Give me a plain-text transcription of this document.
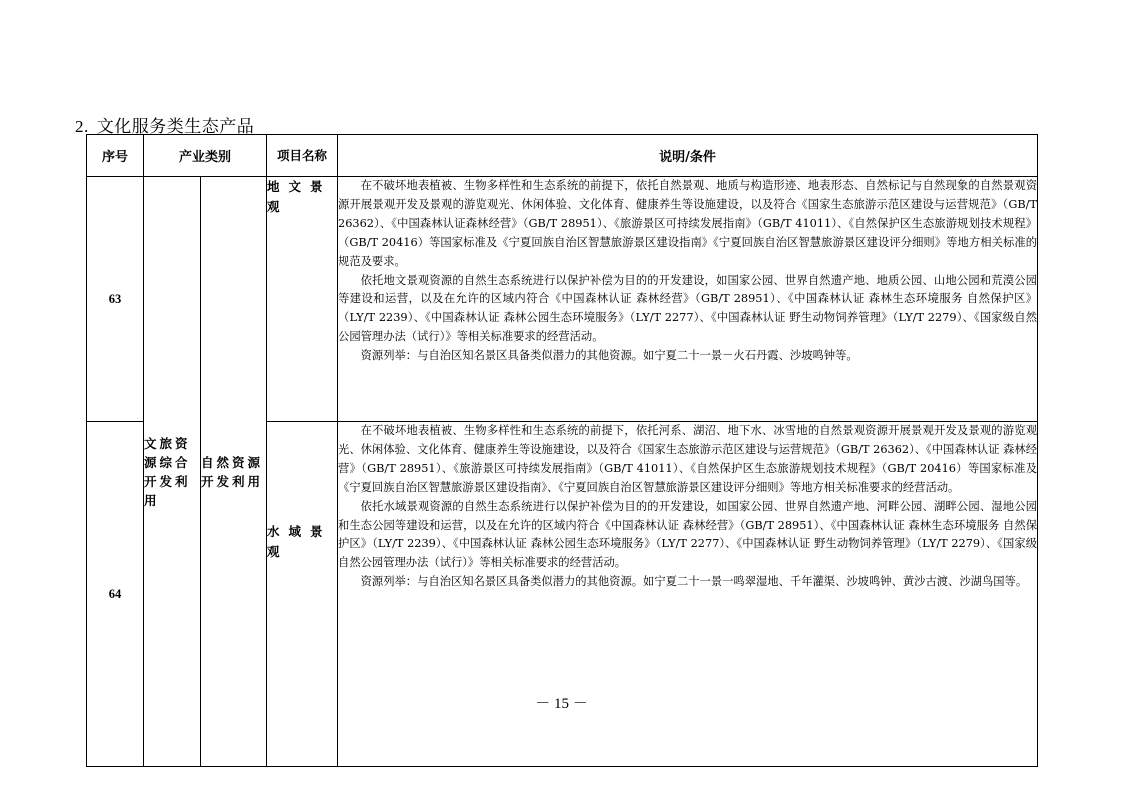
2. 文化服务类生态产品
序号	产业类别		项目名称	说明/条件
63	文旅资源综合开发利用	自然资源开发利用	地文景观	在不破坏地表植被、生物多样性和生态系统的前提下，依托自然景观、地质与构造形迹、地表形态、自然标记与自然现象的自然景观资源开展景观开发及景观的游览观光、休闲体验、文化体育、健康养生等设施建设，以及符合《国家生态旅游示范区建设与运营规范》（GB/T 26362）、《中国森林认证森林经营》（GB/T 28951）、《旅游景区可持续发展指南》（GB/T 41011）、《自然保护区生态旅游规划技术规程》（GB/T 20416）等国家标准及《宁夏回族自治区智慧旅游景区建设指南》《宁夏回族自治区智慧旅游景区建设评分细则》等地方相关标准的规范及要求。

依托地文景观资源的自然生态系统进行以保护补偿为目的的开发建设，如国家公园、世界自然遗产地、地质公园、山地公园和荒漠公园等建设和运营，以及在允许的区域内符合《中国森林认证 森林经营》（GB/T 28951）、《中国森林认证 森林生态环境服务 自然保护区》（LY/T 2239）、《中国森林认证 森林公园生态环境服务》（LY/T 2277）、《中国森林认证 野生动物饲养管理》（LY/T 2279）、《国家级自然公园管理办法（试行）》等相关标准要求的经营活动。

资源列举：与自治区知名景区具备类似潜力的其他资源。如宁夏二十一景－火石丹霞、沙坡鸣钟等。

64			水域景观	在不破坏地表植被、生物多样性和生态系统的前提下，依托河系、湖沼、地下水、冰雪地的自然景观资源开展景观开发及景观的游览观光、休闲体验、文化体育、健康养生等设施建设，以及符合《国家生态旅游示范区建设与运营规范》（GB/T 26362）、《中国森林认证 森林经营》（GB/T 28951）、《旅游景区可持续发展指南》（GB/T 41011）、《自然保护区生态旅游规划技术规程》（GB/T 20416）等国家标准及《宁夏回族自治区智慧旅游景区建设指南》、《宁夏回族自治区智慧旅游景区建设评分细则》等地方相关标准要求的经营活动。

依托水域景观资源的自然生态系统进行以保护补偿为目的的开发建设，如国家公园、世界自然遗产地、河畔公园、湖畔公园、湿地公园和生态公园等建设和运营，以及在允许的区域内符合《中国森林认证 森林经营》（GB/T 28951）、《中国森林认证 森林生态环境服务 自然保护区》（LY/T 2239）、《中国森林认证 森林公园生态环境服务》（LY/T 2277）、《中国森林认证 野生动物饲养管理》（LY/T 2279）、《国家级自然公园管理办法（试行）》等相关标准要求的经营活动。

资源列举：与自治区知名景区具备类似潜力的其他资源。如宁夏二十一景一鸣翠湿地、千年灌渠、沙坡鸣钟、黄沙古渡、沙湖鸟国等。

－ 15 －
